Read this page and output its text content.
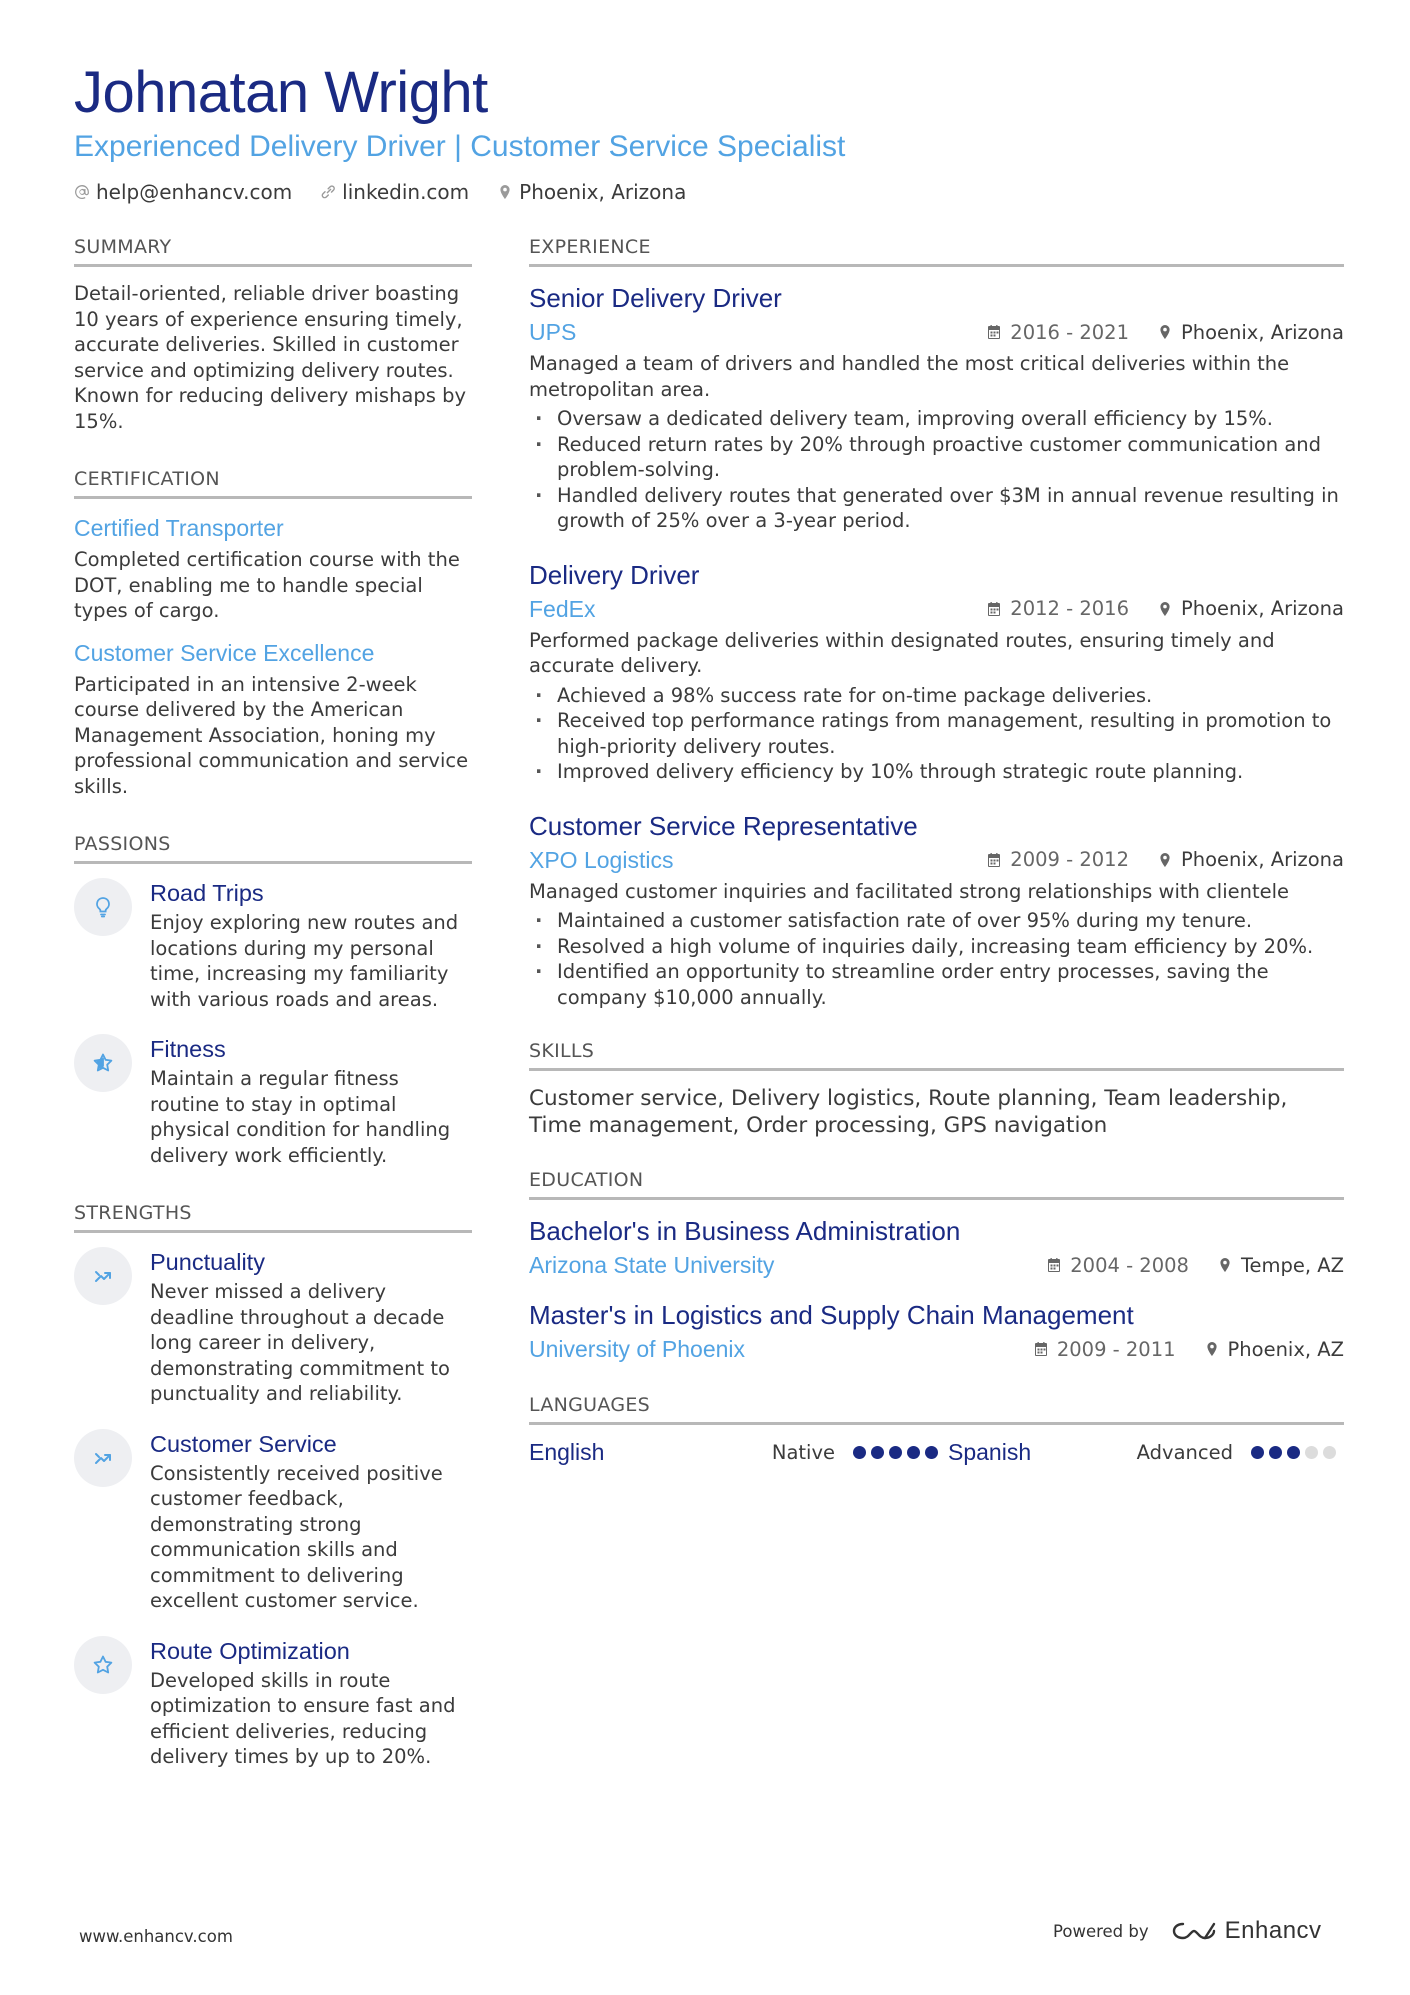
Johnatan Wright
Experienced Delivery Driver | Customer Service Specialist
help@enhancv.com	linkedin.com	Phoenix, Arizona
SUMMARY
Detail-oriented, reliable driver boasting 10 years of experience ensuring timely, accurate deliveries. Skilled in customer service and optimizing delivery routes. Known for reducing delivery mishaps by 15%.
CERTIFICATION
Certified Transporter
Completed certification course with the DOT, enabling me to handle special types of cargo.
Customer Service Excellence
Participated in an intensive 2-week course delivered by the American Management Association, honing my professional communication and service skills.
PASSIONS
Road Trips
Enjoy exploring new routes and locations during my personal time, increasing my familiarity with various roads and areas.
Fitness
Maintain a regular fitness routine to stay in optimal physical condition for handling delivery work efficiently.
STRENGTHS
Punctuality
Never missed a delivery deadline throughout a decade long career in delivery, demonstrating commitment to punctuality and reliability.
Customer Service
Consistently received positive customer feedback, demonstrating strong communication skills and commitment to delivering excellent customer service.
Route Optimization
Developed skills in route optimization to ensure fast and efficient deliveries, reducing delivery times by up to 20%.
EXPERIENCE
Senior Delivery Driver
UPS	2016 - 2021	Phoenix, Arizona
Managed a team of drivers and handled the most critical deliveries within the metropolitan area.
· Oversaw a dedicated delivery team, improving overall efficiency by 15%.
· Reduced return rates by 20% through proactive customer communication and problem-solving.
· Handled delivery routes that generated over $3M in annual revenue resulting in growth of 25% over a 3-year period.
Delivery Driver
FedEx	2012 - 2016	Phoenix, Arizona
Performed package deliveries within designated routes, ensuring timely and accurate delivery.
· Achieved a 98% success rate for on-time package deliveries.
· Received top performance ratings from management, resulting in promotion to high-priority delivery routes.
· Improved delivery efficiency by 10% through strategic route planning.
Customer Service Representative
XPO Logistics	2009 - 2012	Phoenix, Arizona
Managed customer inquiries and facilitated strong relationships with clientele
· Maintained a customer satisfaction rate of over 95% during my tenure.
· Resolved a high volume of inquiries daily, increasing team efficiency by 20%.
· Identified an opportunity to streamline order entry processes, saving the company $10,000 annually.
SKILLS
Customer service, Delivery logistics, Route planning, Team leadership, Time management, Order processing, GPS navigation
EDUCATION
Bachelor's in Business Administration
Arizona State University	2004 - 2008	Tempe, AZ
Master's in Logistics and Supply Chain Management
University of Phoenix	2009 - 2011	Phoenix, AZ
LANGUAGES
English	Native	Spanish	Advanced
www.enhancv.com	Powered by	Enhancv
